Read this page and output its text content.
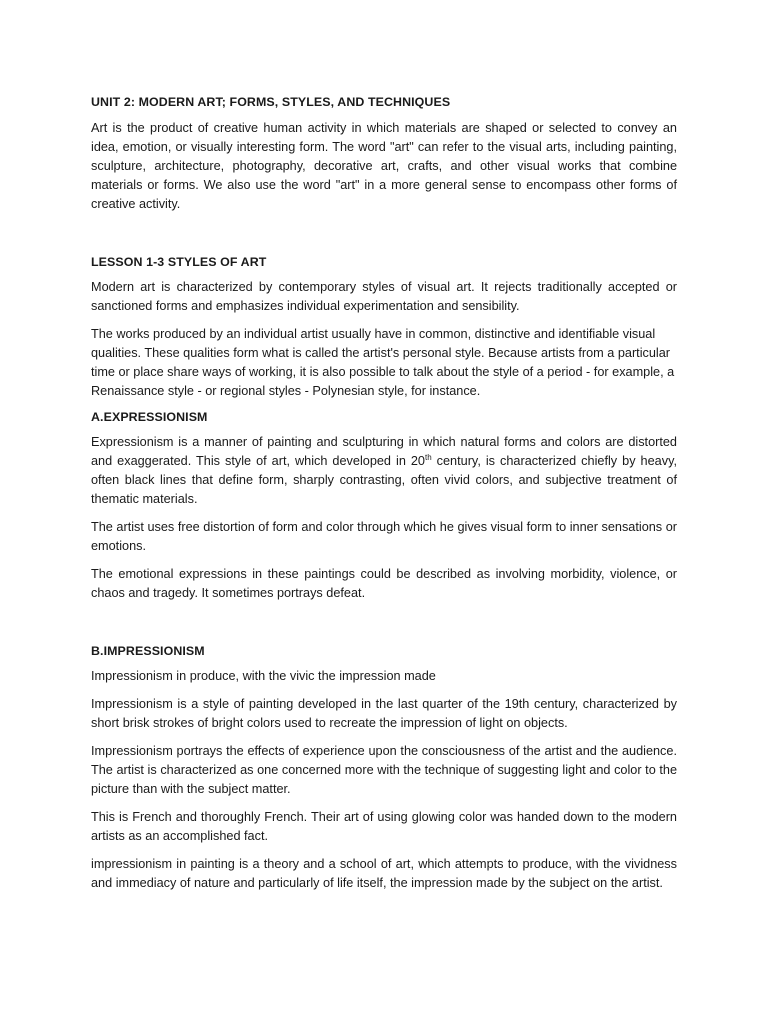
UNIT 2: MODERN ART; FORMS, STYLES, AND TECHNIQUES

Art is the product of creative human activity in which materials are shaped or selected to convey an idea, emotion, or visually interesting form. The word "art" can refer to the visual arts, including painting, sculpture, architecture, photography, decorative art, crafts, and other visual works that combine materials or forms. We also use the word "art" in a more general sense to encompass other forms of creative activity.

LESSON 1-3 STYLES OF ART

Modern art is characterized by contemporary styles of visual art. It rejects traditionally accepted or sanctioned forms and emphasizes individual experimentation and sensibility.

The works produced by an individual artist usually have in common, distinctive and identifiable visual qualities. These qualities form what is called the artist's personal style. Because artists from a particular time or place share ways of working, it is also possible to talk about the style of a period - for example, a Renaissance style - or regional styles - Polynesian style, for instance.

A.EXPRESSIONISM

Expressionism is a manner of painting and sculpturing in which natural forms and colors are distorted and exaggerated. This style of art, which developed in 20th century, is characterized chiefly by heavy, often black lines that define form, sharply contrasting, often vivid colors, and subjective treatment of thematic materials.

The artist uses free distortion of form and color through which he gives visual form to inner sensations or emotions.

The emotional expressions in these paintings could be described as involving morbidity, violence, or chaos and tragedy. It sometimes portrays defeat.

B.IMPRESSIONISM

Impressionism in produce, with the vivic the impression made

Impressionism is a style of painting developed in the last quarter of the 19th century, characterized by short brisk strokes of bright colors used to recreate the impression of light on objects.

Impressionism portrays the effects of experience upon the consciousness of the artist and the audience. The artist is characterized as one concerned more with the technique of suggesting light and color to the picture than with the subject matter.

This is French and thoroughly French. Their art of using glowing color was handed down to the modern artists as an accomplished fact.

impressionism in painting is a theory and a school of art, which attempts to produce, with the vividness and immediacy of nature and particularly of life itself, the impression made by the subject on the artist.
